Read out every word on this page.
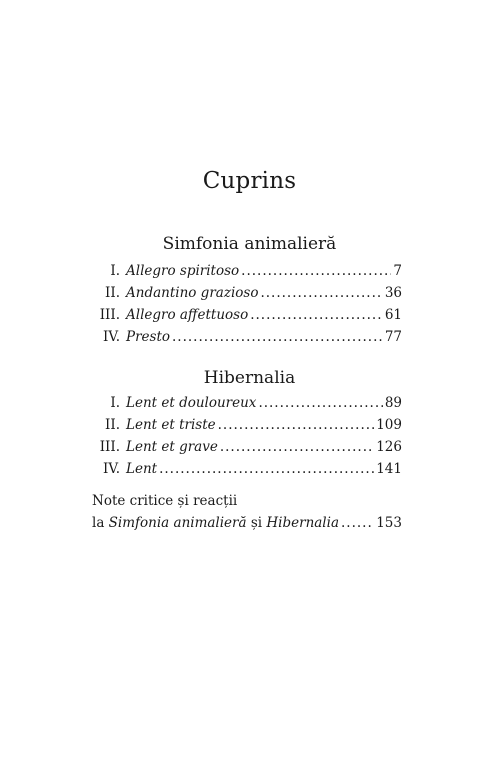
Cuprins
Simfonia animalieră
I. Allegro spiritoso .....	7
II. Andantino grazioso .....	36
III. Allegro affettuoso .....	61
IV. Presto .....	77
Hibernalia
I. Lent et douloureux .....	89
II. Lent et triste .....	109
III. Lent et grave .....	126
IV. Lent .....	141
Note critice și reacții
la Simfonia animalieră și Hibernalia .....	153
